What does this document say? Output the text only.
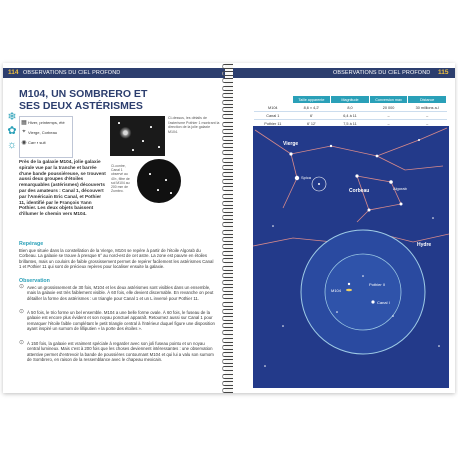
114 OBSERVATIONS DU CIEL PROFOND
M104, UN SOMBRERO ET SES DEUX ASTÉRISMES
❄
✿
☼
▦ Hiver, printemps, été
⌖ Vierge, Corbeau
◉ Carr ▪ suit
Ci-dessus, les détails de l'asterisme Pothier 1 montrant la direction de la jolie galaxie M104.
Près de la galaxie M104, jolie galaxie spirale vue par la tranche et barrée d'une bande poussiéreuse, se trouvent aussi deux groupes d'étoiles remarquables (astérismes) découverts par des amateurs : Canal 1, découvert par l'Américain Eric Canal, et Pothier 11, identifié par le François Yann Pothier. Les deux objets baissent d'illumer le chemin vers M104.
Ci-contre, Canal 1 observé au 40×, filtre de sol M104 au 200 mm de Zumbro.
Repérage
Bien que située dans la constellation de la Vierge, M104 se repère à partir de l'étoile Algorab du Corbeau. La galaxie se trouve à presque 6° au nord-est de cet astre. La zone est pauvre en étoiles brillantes, mais un couloirs de faible grossissement permet de repérer facilement les astérismes Canal 1 et Pothier 11 qui sont de précieux repères pour localiser ensuite la galaxie.
Observation
⊙ Avec un grossissement de 30 fois, M104 et les deux astérismes sont visibles dans un ensemble, mais la galaxie est très faiblement visible. À 60 fois, elle devient discernable. En revanche on peut détailler la forme des astérismes : un triangle pour Canal 1 et un L inversé pour Pothier 11.
⊙ À 50 fois, le trio forme un bel ensemble. M104 a une belle forme ovale. À 60 fois, le fuseau de la galaxie est encore plus évident et son noyau ponctuel apparaît. Retournez aussi sur Canal 1 pour remarquer l'étoile faible complétant le petit triangle central à l'intérieur duquel figure une disposition ayant inspiré un surnom de lilliputien « la porte des étoiles ».
⊙ À 150 fois, la galaxie est vraiment spéciale à regarder avec son joli fuseau pointu et un noyau central lumineux. Mais c'est à 200 fois que les choses deviennent intéressantes : une observation attentive permet d'entrevoir la bande de poussières contournant M104 et qui lui a valu son surnom de Sombrero, en raison de la ressemblance avec le chapeau mexicain.
OBSERVATIONS DU CIEL PROFOND 115
	Taille apparente	Magnitude	Conversion max	Distance
M104	8,6 × 4,2'	8,0	20 000	30 millions a-l
Canal 1	6'	6,4 à 11	–	–
Pothier 11	6' 12'	7,5 à 11	–	–
Vierge
Spica
Corbeau	Algorab
Hydre
M104
Pothier II
Canal I
